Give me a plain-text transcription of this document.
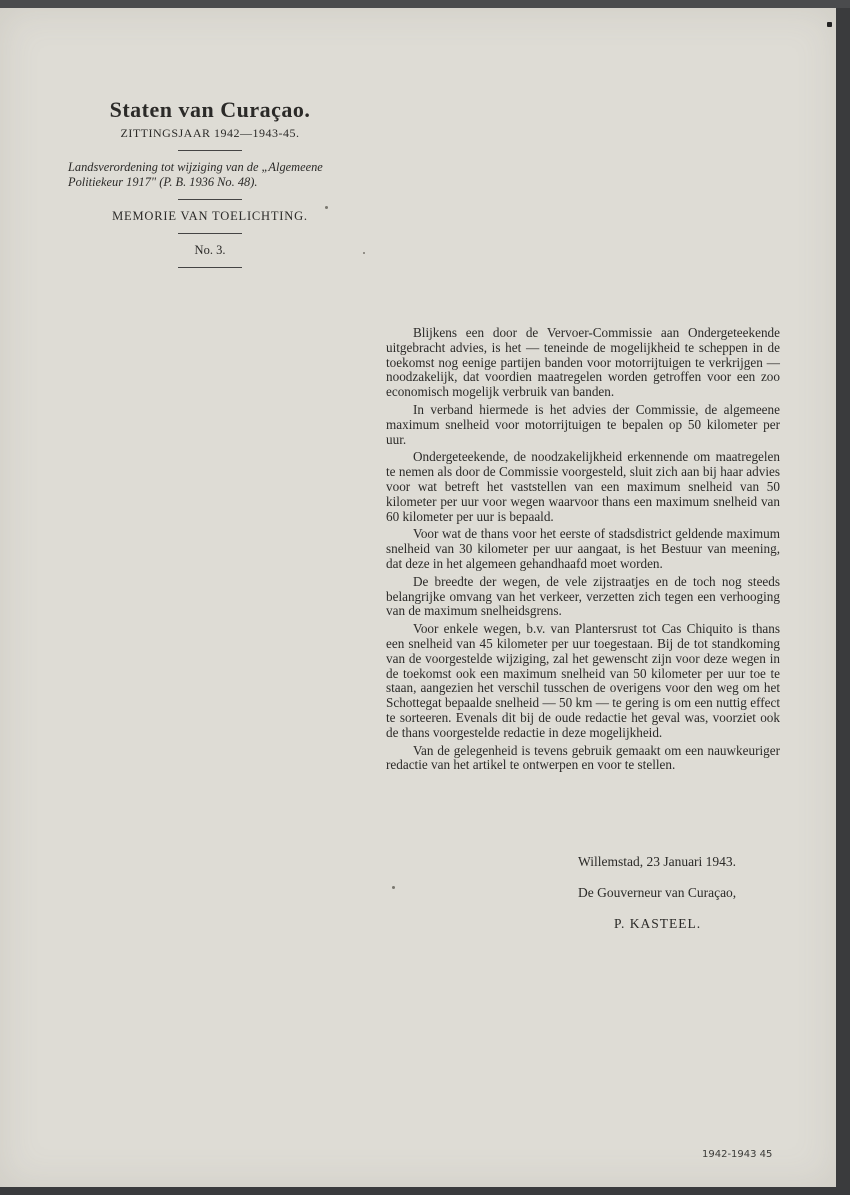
Staten van Curaçao.
ZITTINGSJAAR 1942—1943-45.

Landsverordening tot wijziging van de „Algemeene Politiekeur 1917" (P. B. 1936 No. 48).

MEMORIE VAN TOELICHTING.
No. 3.

Blijkens een door de Vervoer-Commissie aan Ondergeteekende uitgebracht advies, is het — teneinde de mogelijkheid te scheppen in de toekomst nog eenige partijen banden voor motorrijtuigen te verkrijgen — noodzakelijk, dat voordien maatregelen worden getroffen voor een zoo economisch mogelijk verbruik van banden.

In verband hiermede is het advies der Commissie, de algemeene maximum snelheid voor motorrijtuigen te bepalen op 50 kilometer per uur.

Ondergeteekende, de noodzakelijkheid erkennende om maatregelen te nemen als door de Commissie voorgesteld, sluit zich aan bij haar advies voor wat betreft het vaststellen van een maximum snelheid van 50 kilometer per uur voor wegen waarvoor thans een maximum snelheid van 60 kilometer per uur is bepaald.

Voor wat de thans voor het eerste of stadsdistrict geldende maximum snelheid van 30 kilometer per uur aangaat, is het Bestuur van meening, dat deze in het algemeen gehandhaafd moet worden.

De breedte der wegen, de vele zijstraatjes en de toch nog steeds belangrijke omvang van het verkeer, verzetten zich tegen een verhooging van de maximum snelheidsgrens.

Voor enkele wegen, b.v. van Plantersrust tot Cas Chiquito is thans een snelheid van 45 kilometer per uur toegestaan. Bij de tot standkoming van de voorgestelde wijziging, zal het gewenscht zijn voor deze wegen in de toekomst ook een maximum snelheid van 50 kilometer per uur toe te staan, aangezien het verschil tusschen de overigens voor den weg om het Schottegat bepaalde snelheid — 50 km — te gering is om een nuttig effect te sorteeren. Evenals dit bij de oude redactie het geval was, voorziet ook de thans voorgestelde redactie in deze mogelijkheid.

Van de gelegenheid is tevens gebruik gemaakt om een nauwkeuriger redactie van het artikel te ontwerpen en voor te stellen.

Willemstad, 23 Januari 1943.
De Gouverneur van Curaçao,
P. KASTEEL.
1942-1943 45
